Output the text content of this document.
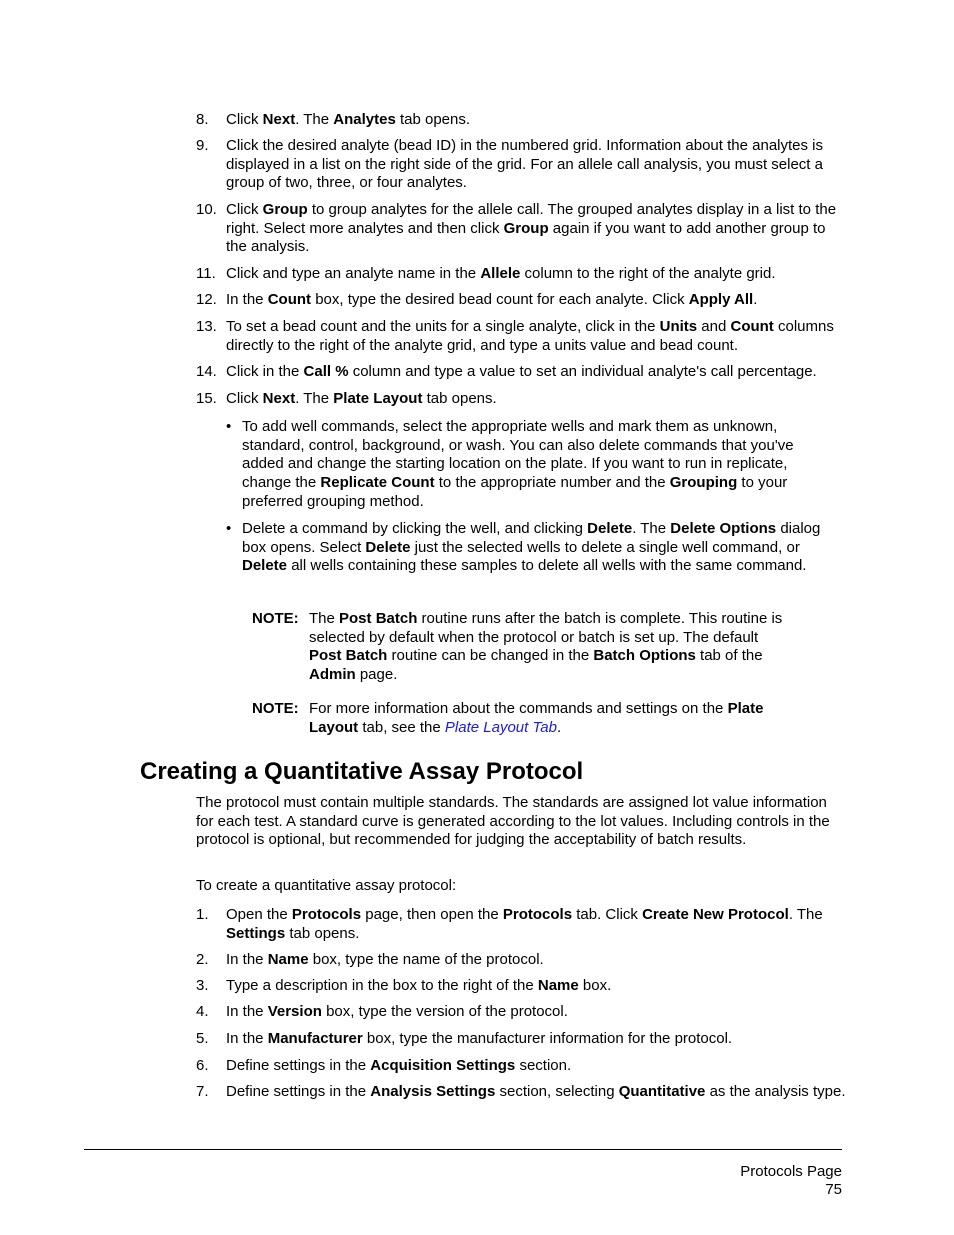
8.	Click Next. The Analytes tab opens.
9.	Click the desired analyte (bead ID) in the numbered grid. Information about the analytes is displayed in a list on the right side of the grid. For an allele call analysis, you must select a group of two, three, or four analytes.
10. Click Group to group analytes for the allele call. The grouped analytes display in a list to the right. Select more analytes and then click Group again if you want to add another group to the analysis.
11. Click and type an analyte name in the Allele column to the right of the analyte grid.
12. In the Count box, type the desired bead count for each analyte. Click Apply All.
13. To set a bead count and the units for a single analyte, click in the Units and Count columns directly to the right of the analyte grid, and type a units value and bead count.
14. Click in the Call % column and type a value to set an individual analyte's call percentage.
15. Click Next. The Plate Layout tab opens.
• To add well commands, select the appropriate wells and mark them as unknown, standard, control, background, or wash. You can also delete commands that you've added and change the starting location on the plate. If you want to run in replicate, change the Replicate Count to the appropriate number and the Grouping to your preferred grouping method.
• Delete a command by clicking the well, and clicking Delete. The Delete Options dialog box opens. Select Delete just the selected wells to delete a single well command, or Delete all wells containing these samples to delete all wells with the same command.
NOTE: The Post Batch routine runs after the batch is complete. This routine is selected by default when the protocol or batch is set up. The default Post Batch routine can be changed in the Batch Options tab of the Admin page.
NOTE: For more information about the commands and settings on the Plate Layout tab, see the Plate Layout Tab.
Creating a Quantitative Assay Protocol
The protocol must contain multiple standards. The standards are assigned lot value information for each test. A standard curve is generated according to the lot values. Including controls in the protocol is optional, but recommended for judging the acceptability of batch results.
To create a quantitative assay protocol:
1.	Open the Protocols page, then open the Protocols tab. Click Create New Protocol. The Settings tab opens.
2.	In the Name box, type the name of the protocol.
3.	Type a description in the box to the right of the Name box.
4.	In the Version box, type the version of the protocol.
5.	In the Manufacturer box, type the manufacturer information for the protocol.
6.	Define settings in the Acquisition Settings section.
7.	Define settings in the Analysis Settings section, selecting Quantitative as the analysis type.
Protocols Page
75
